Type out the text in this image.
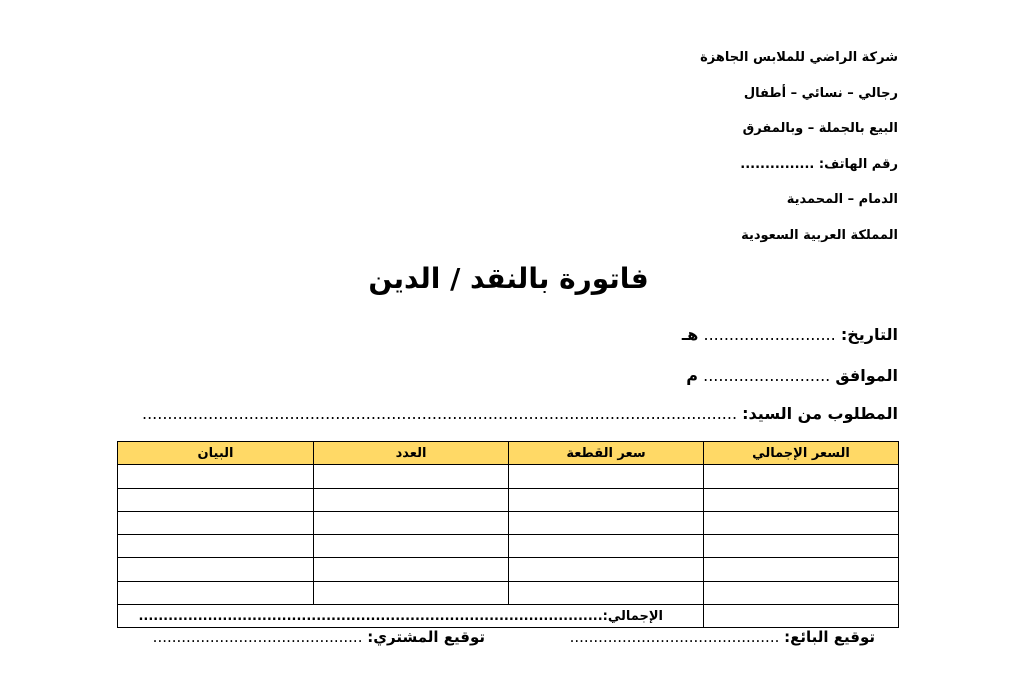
شركة الراضي للملابس الجاهزة
رجالي – نسائي – أطفال
البيع بالجملة – وبالمفرق
رقم الهاتف: ...............
الدمام – المحمدية
المملكة العربية السعودية
فاتورة بالنقد / الدين
التاريخ: .......................... هـ
الموافق ......................... م
المطلوب من السيد: .....................................................................................................................
السعر الإجمالي	سعر القطعة	العدد	البيان

	الإجمالي:..............................................................................................		
توقيع البائع: ............................................
توقيع المشتري: ............................................
